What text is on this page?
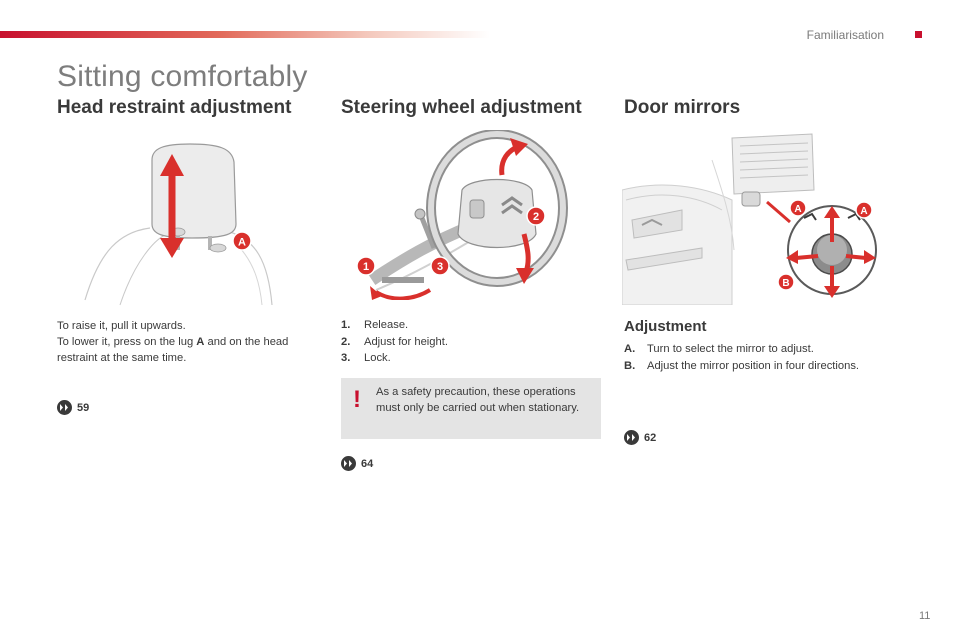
Familiarisation
Sitting comfortably
Head restraint adjustment
A
To raise it, pull it upwards.
To lower it, press on the lug A and on the head restraint at the same time.
59
Steering wheel adjustment
1
2
3
1.	Release.
2.	Adjust for height.
3.	Lock.
! As a safety precaution, these operations must only be carried out when stationary.
64
Door mirrors
A	A
B
Adjustment
A.	Turn to select the mirror to adjust.
B.	Adjust the mirror position in four directions.
62
11
